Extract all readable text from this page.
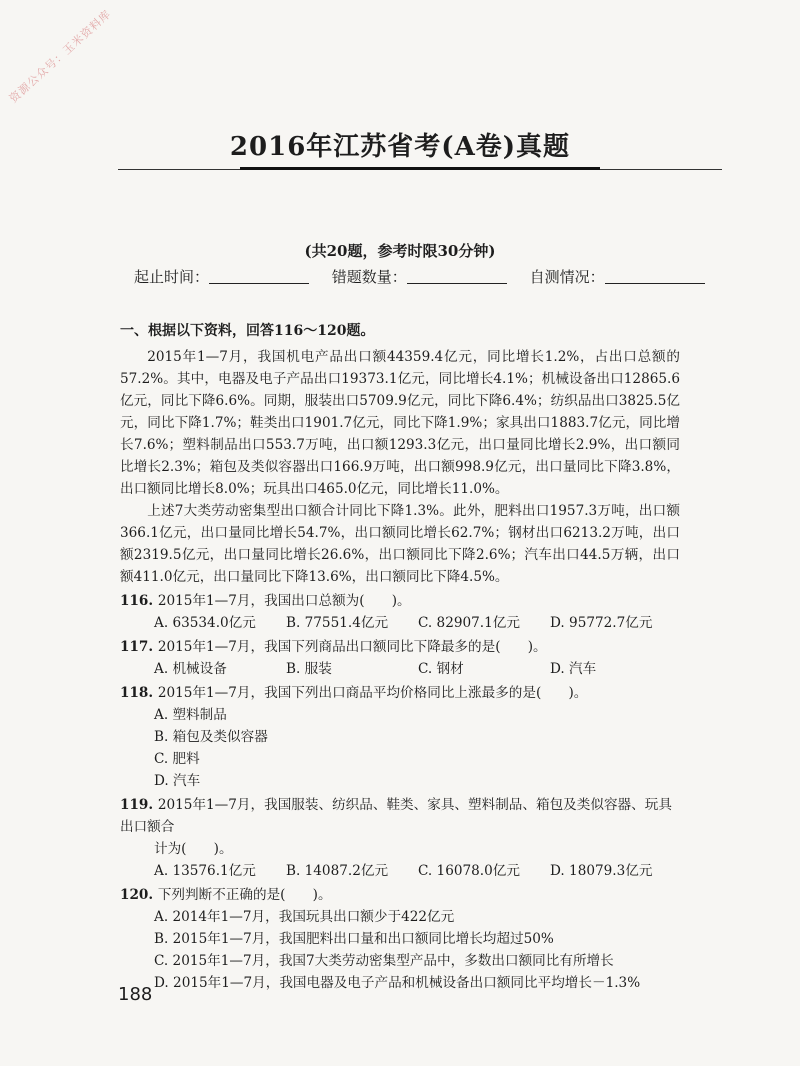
资源公众号：玉米资料库
2016年江苏省考(A卷)真题
(共20题，参考时限30分钟)
起止时间：	错题数量：	自测情况：
一、根据以下资料，回答116～120题。

2015年1—7月，我国机电产品出口额44359.4亿元，同比增长1.2%，占出口总额的57.2%。其中，电器及电子产品出口19373.1亿元，同比增长4.1%；机械设备出口12865.6亿元，同比下降6.6%。同期，服装出口5709.9亿元，同比下降6.4%；纺织品出口3825.5亿元，同比下降1.7%；鞋类出口1901.7亿元，同比下降1.9%；家具出口1883.7亿元，同比增长7.6%；塑料制品出口553.7万吨，出口额1293.3亿元，出口量同比增长2.9%，出口额同比增长2.3%；箱包及类似容器出口166.9万吨，出口额998.9亿元，出口量同比下降3.8%，出口额同比增长8.0%；玩具出口465.0亿元，同比增长11.0%。

上述7大类劳动密集型出口额合计同比下降1.3%。此外，肥料出口1957.3万吨，出口额366.1亿元，出口量同比增长54.7%，出口额同比增长62.7%；钢材出口6213.2万吨，出口额2319.5亿元，出口量同比增长26.6%，出口额同比下降2.6%；汽车出口44.5万辆，出口额411.0亿元，出口量同比下降13.6%，出口额同比下降4.5%。

116. 2015年1—7月，我国出口总额为(　　)。
A. 63534.0亿元	B. 77551.4亿元	C. 82907.1亿元	D. 95772.7亿元
117. 2015年1—7月，我国下列商品出口额同比下降最多的是(　　)。
A. 机械设备	B. 服装	C. 钢材	D. 汽车
118. 2015年1—7月，我国下列出口商品平均价格同比上涨最多的是(　　)。
A. 塑料制品
B. 箱包及类似容器
C. 肥料
D. 汽车
119. 2015年1—7月，我国服装、纺织品、鞋类、家具、塑料制品、箱包及类似容器、玩具出口额合
计为(　　)。
A. 13576.1亿元	B. 14087.2亿元	C. 16078.0亿元	D. 18079.3亿元
120. 下列判断不正确的是(　　)。
A. 2014年1—7月，我国玩具出口额少于422亿元
B. 2015年1—7月，我国肥料出口量和出口额同比增长均超过50%
C. 2015年1—7月，我国7大类劳动密集型产品中，多数出口额同比有所增长
D. 2015年1—7月，我国电器及电子产品和机械设备出口额同比平均增长－1.3%
188
